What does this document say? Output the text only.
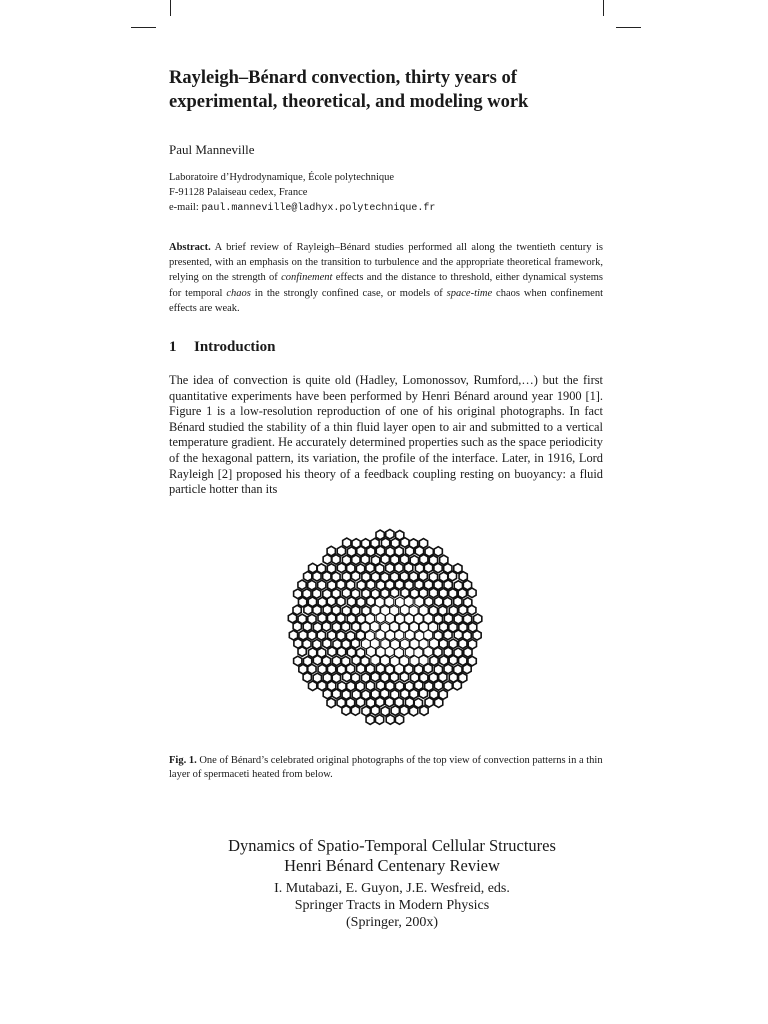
Rayleigh–Bénard convection, thirty years of
experimental, theoretical, and modeling work
Paul Manneville
Laboratoire d’Hydrodynamique, École polytechnique
F-91128 Palaiseau cedex, France
e-mail: paul.manneville@ladhyx.polytechnique.fr

Abstract. A brief review of Rayleigh–Bénard studies performed all along the twentieth century is presented, with an emphasis on the transition to turbulence and the appropriate theoretical framework, relying on the strength of confinement effects and the distance to threshold, either dynamical systems for temporal chaos in the strongly confined case, or models of space-time chaos when confinement effects are weak.

1 Introduction

The idea of convection is quite old (Hadley, Lomonossov, Rumford,…) but the first quantitative experiments have been performed by Henri Bénard around year 1900 [1]. Figure 1 is a low-resolution reproduction of one of his original photographs. In fact Bénard studied the stability of a thin fluid layer open to air and submitted to a vertical temperature gradient. He accurately determined properties such as the space periodicity of the hexagonal pattern, its variation, the profile of the interface. Later, in 1916, Lord Rayleigh [2] proposed his theory of a feedback coupling resting on buoyancy: a fluid particle hotter than its

Fig. 1. One of Bénard’s celebrated original photographs of the top view of convection patterns in a thin layer of spermaceti heated from below.

Dynamics of Spatio-Temporal Cellular Structures
Henri Bénard Centenary Review
I. Mutabazi, E. Guyon, J.E. Wesfreid, eds.
Springer Tracts in Modern Physics
(Springer, 200x)
